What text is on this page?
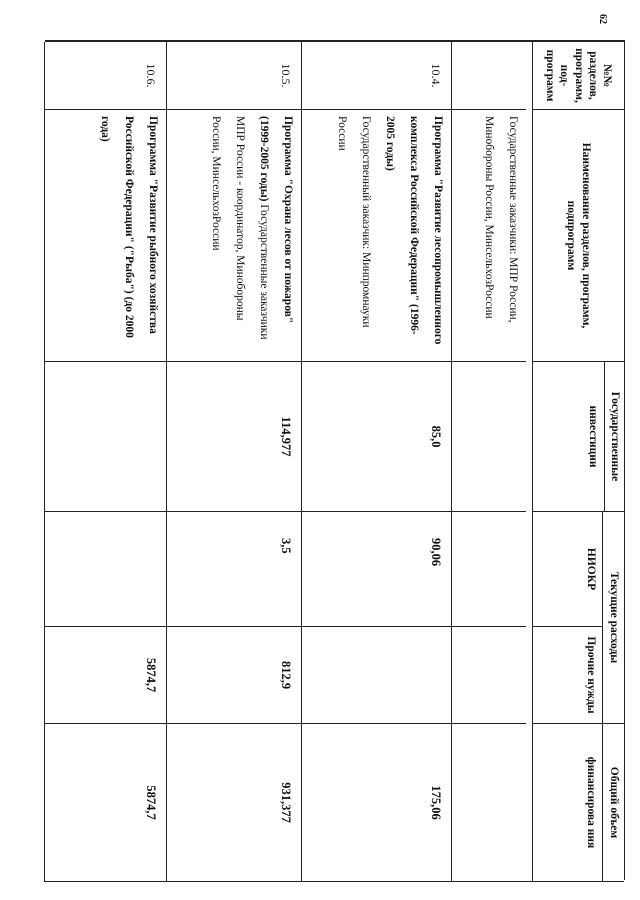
62
№№ разделов, программ, под-программ
Наименование разделов, программ, подпрограмм
Государственные
инвестиции
Текущие расходы
НИОКР
Прочие нужды
Общий объем
финансирова ния
Государственные заказчики: МПР России, Минобороны России, МинсельхозРоссии
10.4.
Программа "Развитие лесопромышленного комплекса Российской Федерации" (1996-2005 годы)
Государственный заказчик: Минпромнауки России
85,0
90,06
175,06
10.5.
Программа "Охрана лесов от пожаров" (1999-2005 годы) Государственные заказчики МПР России - координатор, Минобороны России, МинсельхозРоссии
114,977
3,5
812,9
931,377
10.6.
Программа "Развитие рыбного хозяйства Российской Федерации" ("Рыба") (до 2000 года)
5874,7
5874,7
